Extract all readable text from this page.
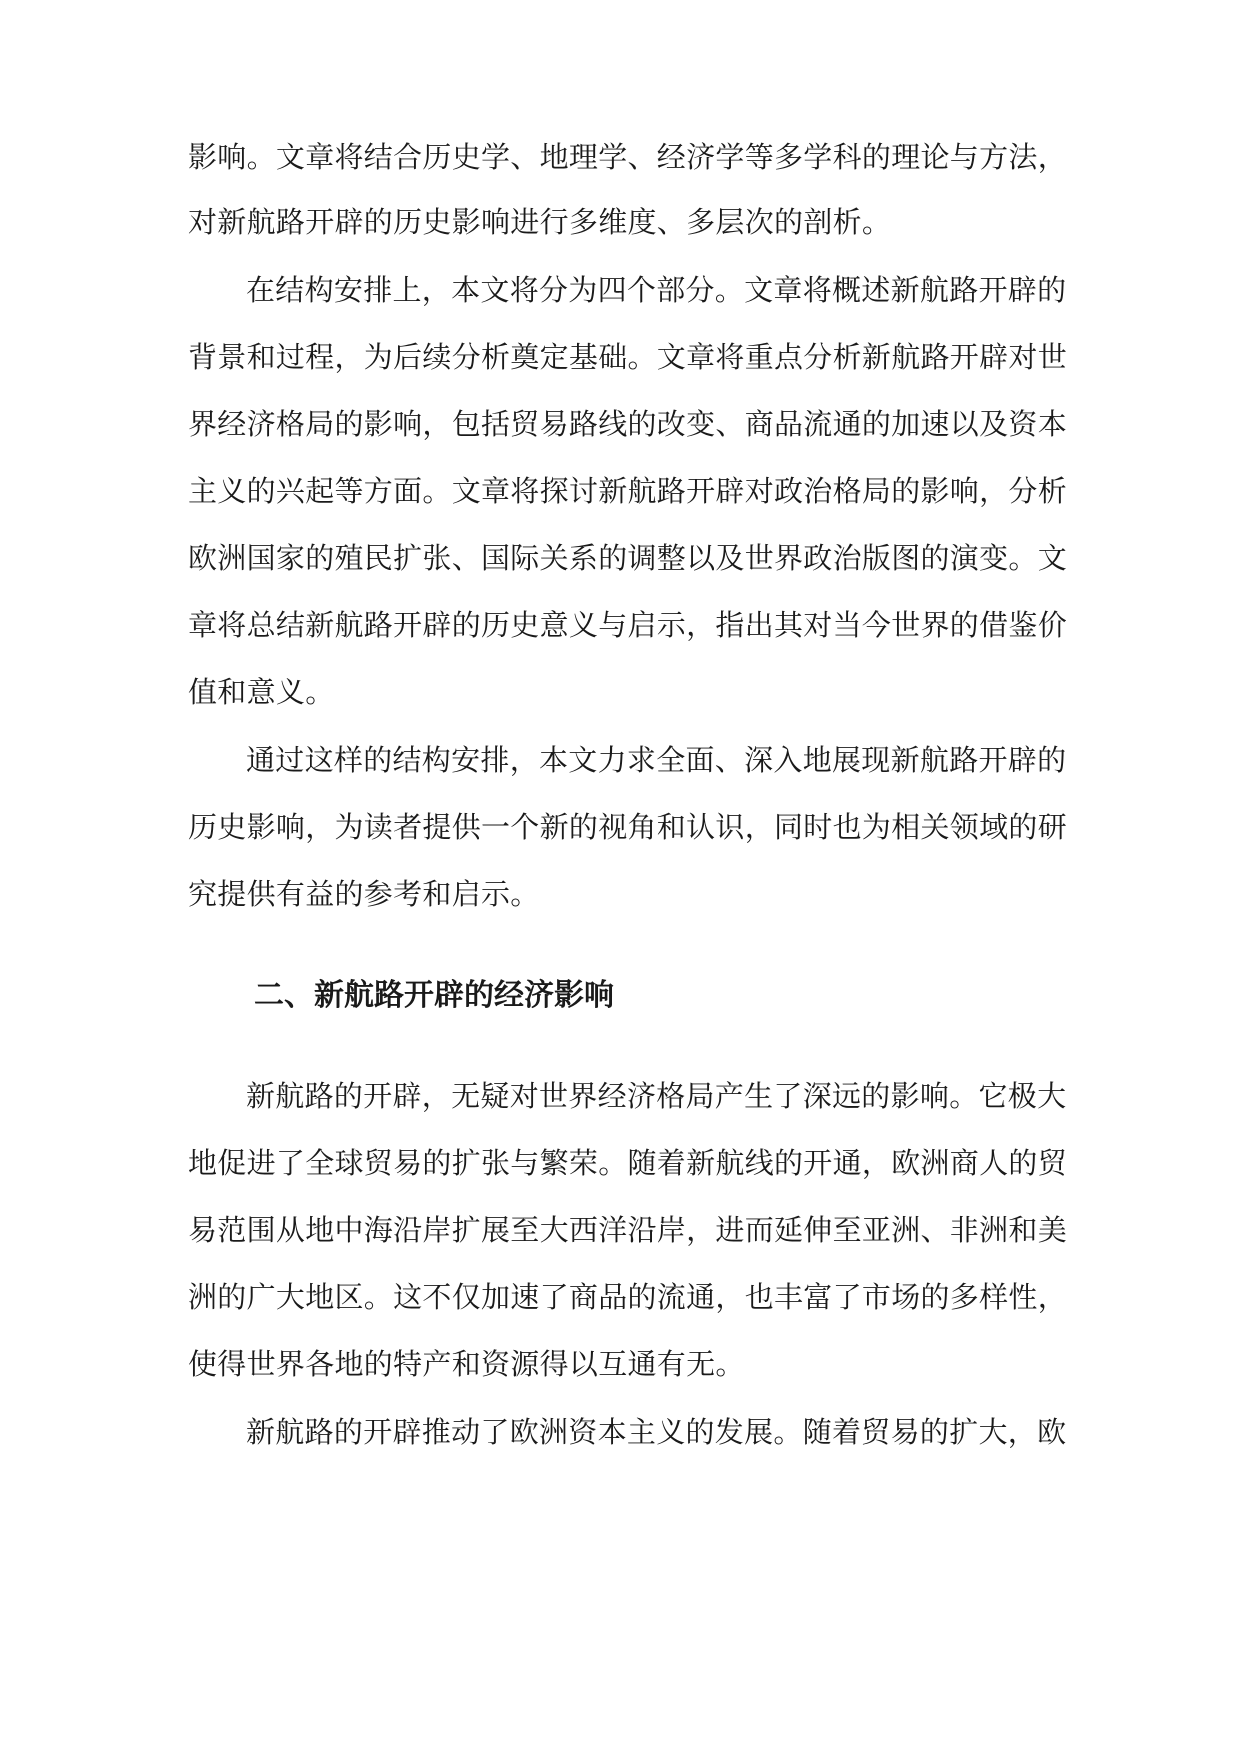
影响。文章将结合历史学、地理学、经济学等多学科的理论与方法，
对新航路开辟的历史影响进行多维度、多层次的剖析。
在结构安排上，本文将分为四个部分。文章将概述新航路开辟的
背景和过程，为后续分析奠定基础。文章将重点分析新航路开辟对世
界经济格局的影响，包括贸易路线的改变、商品流通的加速以及资本
主义的兴起等方面。文章将探讨新航路开辟对政治格局的影响，分析
欧洲国家的殖民扩张、国际关系的调整以及世界政治版图的演变。文
章将总结新航路开辟的历史意义与启示，指出其对当今世界的借鉴价
值和意义。
通过这样的结构安排，本文力求全面、深入地展现新航路开辟的
历史影响，为读者提供一个新的视角和认识，同时也为相关领域的研
究提供有益的参考和启示。
二、新航路开辟的经济影响
新航路的开辟，无疑对世界经济格局产生了深远的影响。它极大
地促进了全球贸易的扩张与繁荣。随着新航线的开通，欧洲商人的贸
易范围从地中海沿岸扩展至大西洋沿岸，进而延伸至亚洲、非洲和美
洲的广大地区。这不仅加速了商品的流通，也丰富了市场的多样性，
使得世界各地的特产和资源得以互通有无。
新航路的开辟推动了欧洲资本主义的发展。随着贸易的扩大，欧
